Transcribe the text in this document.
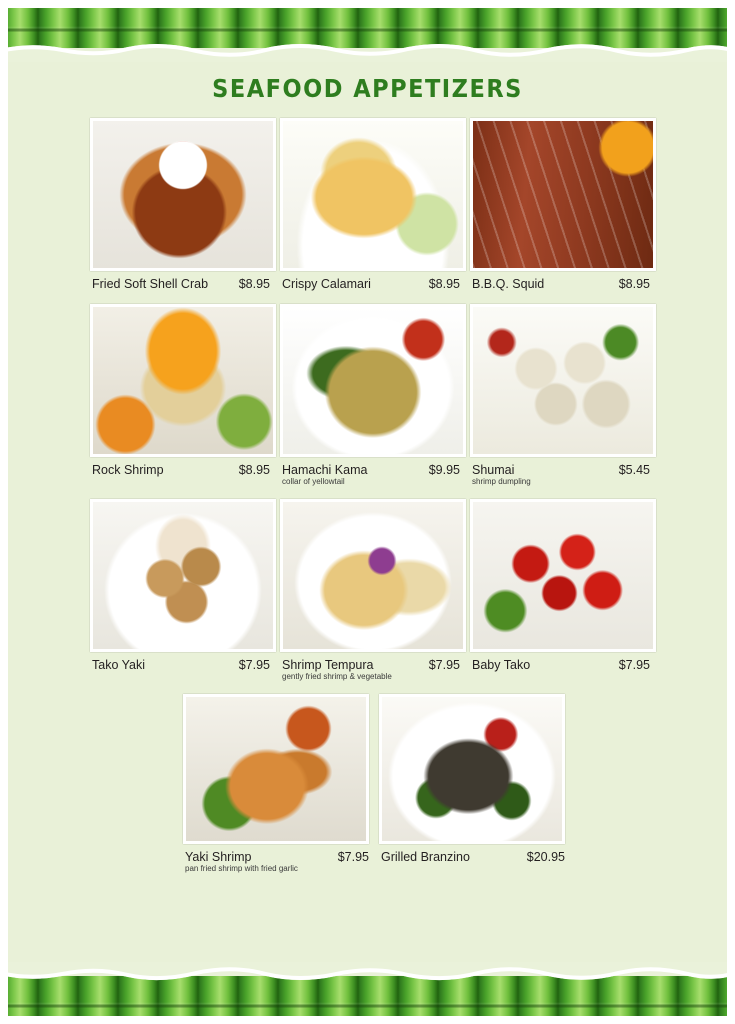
SEAFOOD APPETIZERS
Fried Soft Shell Crab	$8.95 Crispy Calamari	$8.95 B.B.Q. Squid	$8.95
Rock Shrimp	$8.95 Hamachi Kama	$9.95
collar of yellowtail
Shumai	$5.45
shrimp dumpling
Tako Yaki	$7.95 Shrimp Tempura	$7.95
gently fried shrimp & vegetable
Baby Tako	$7.95
Yaki Shrimp	$7.95
pan fried shrimp with fried garlic
Grilled Branzino	$20.95
